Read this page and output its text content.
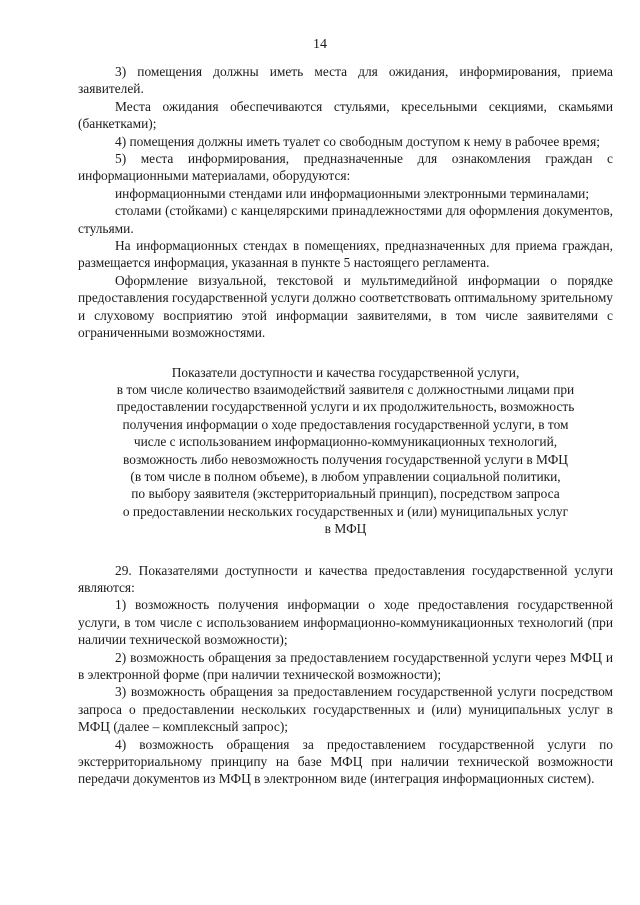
14

3) помещения должны иметь места для ожидания, информирования, приема заявителей.

Места ожидания обеспечиваются стульями, кресельными секциями, скамьями (банкетками);

4) помещения должны иметь туалет со свободным доступом к нему в рабочее время;

5) места информирования, предназначенные для ознакомления граждан с информационными материалами, оборудуются:

информационными стендами или информационными электронными терминалами;

столами (стойками) с канцелярскими принадлежностями для оформления документов, стульями.

На информационных стендах в помещениях, предназначенных для приема граждан, размещается информация, указанная в пункте 5 настоящего регламента.

Оформление визуальной, текстовой и мультимедийной информации о порядке предоставления государственной услуги должно соответствовать оптимальному зрительному и слуховому восприятию этой информации заявителями, в том числе заявителями с ограниченными возможностями.

Показатели доступности и качества государственной услуги,
в том числе количество взаимодействий заявителя с должностными лицами при
предоставлении государственной услуги и их продолжительность, возможность
получения информации о ходе предоставления государственной услуги, в том
числе с использованием информационно-коммуникационных технологий,
возможность либо невозможность получения государственной услуги в МФЦ
(в том числе в полном объеме), в любом управлении социальной политики,
по выбору заявителя (экстерриториальный принцип), посредством запроса
о предоставлении нескольких государственных и (или) муниципальных услуг
в МФЦ

29. Показателями доступности и качества предоставления государственной услуги являются:

1) возможность получения информации о ходе предоставления государственной услуги, в том числе с использованием информационно-коммуникационных технологий (при наличии технической возможности);

2) возможность обращения за предоставлением государственной услуги через МФЦ и в электронной форме (при наличии технической возможности);

3) возможность обращения за предоставлением государственной услуги посредством запроса о предоставлении нескольких государственных и (или) муниципальных услуг в МФЦ (далее – комплексный запрос);

4) возможность обращения за предоставлением государственной услуги по экстерриториальному принципу на базе МФЦ при наличии технической возможности передачи документов из МФЦ в электронном виде (интеграция информационных систем).
